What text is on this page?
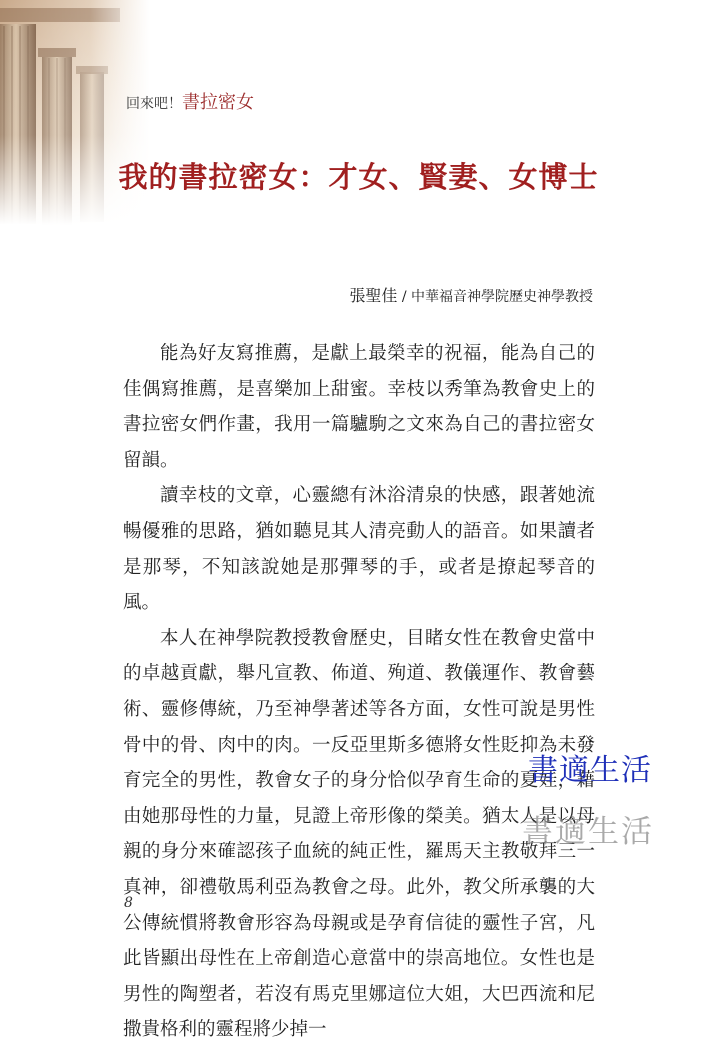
回來吧！書拉密女
我的書拉密女：才女、賢妻、女博士
張聖佳 / 中華福音神學院歷史神學教授

能為好友寫推薦，是獻上最榮幸的祝福，能為自己的佳偶寫推薦，是喜樂加上甜蜜。幸枝以秀筆為教會史上的書拉密女們作畫，我用一篇驢駒之文來為自己的書拉密女留韻。

讀幸枝的文章，心靈總有沐浴清泉的快感，跟著她流暢優雅的思路，猶如聽見其人清亮動人的語音。如果讀者是那琴，不知該說她是那彈琴的手，或者是撩起琴音的風。

本人在神學院教授教會歷史，目睹女性在教會史當中的卓越貢獻，舉凡宣教、佈道、殉道、教儀運作、教會藝術、靈修傳統，乃至神學著述等各方面，女性可說是男性骨中的骨、肉中的肉。一反亞里斯多德將女性貶抑為未發育完全的男性，教會女子的身分恰似孕育生命的夏娃，藉由她那母性的力量，見證上帝形像的榮美。猶太人是以母親的身分來確認孩子血統的純正性，羅馬天主教敬拜三一真神，卻禮敬馬利亞為教會之母。此外，教父所承襲的大公傳統慣將教會形容為母親或是孕育信徒的靈性子宮，凡此皆顯出母性在上帝創造心意當中的崇高地位。女性也是男性的陶塑者，若沒有馬克里娜這位大姐，大巴西流和尼撒貴格利的靈程將少掉一

8
書適生活
書適生活
